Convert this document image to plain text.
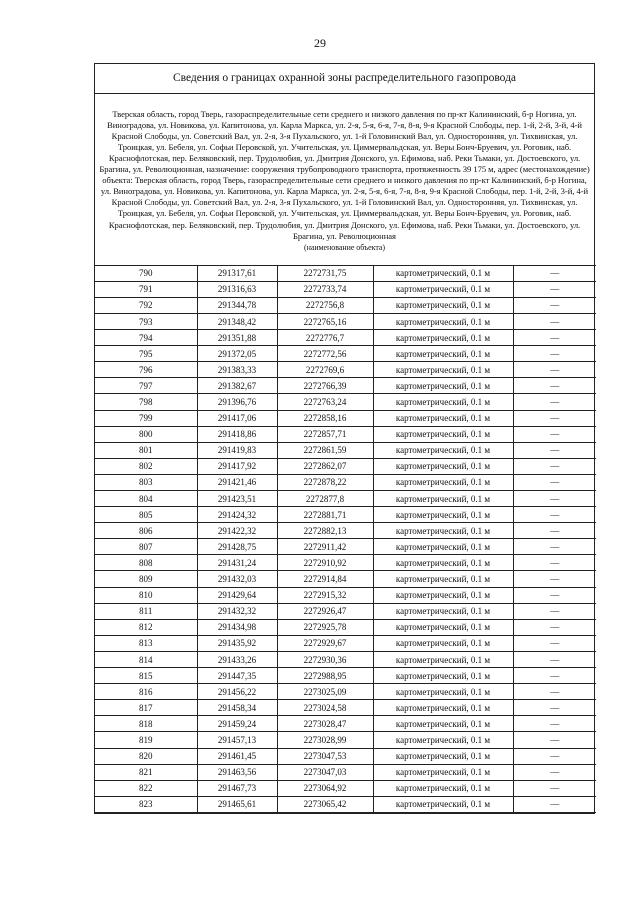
29
Сведения о границах охранной зоны распределительного газопровода

Тверская область, город Тверь, газораспределительные сети среднего и низкого давления по пр-кт Калининский, б-р Ногина, ул. Виноградова, ул. Новикова, ул. Капитонова, ул. Карла Маркса, ул. 2-я, 5-я, 6-я, 7-я, 8-я, 9-я Красной Слободы, пер. 1-й, 2-й, 3-й, 4-й Красной Слободы, ул. Советский Вал, ул. 2-я, 3-я Пухальского, ул. 1-й Головинский Вал, ул. Односторонняя, ул. Тихвинская, ул. Троицкая, ул. Бебеля, ул. Софьи Перовской, ул. Учительская, ул. Циммервальдская, ул. Веры Бонч-Бруевич, ул. Роговик, наб. Краснофлотская, пер. Беляковский, пер. Трудолюбия, ул. Дмитрия Донского, ул. Ефимова, наб. Реки Тьмаки, ул. Достоевского, ул. Брагина, ул. Революционная, назначение: сооружения трубопроводного транспорта, протяженность 39 175 м, адрес (местонахождение) объекта: Тверская область, город Тверь, газораспределительные сети среднего и низкого давления по пр-кт Калининский, б-р Ногина, ул. Виноградова, ул. Новикова, ул. Капитонова, ул. Карла Маркса, ул. 2-я, 5-я, 6-я, 7-я, 8-я, 9-я Красной Слободы, пер. 1-й, 2-й, 3-й, 4-й Красной Слободы, ул. Советский Вал, ул. 2-я, 3-я Пухальского, ул. 1-й Головинский Вал, ул. Односторонняя, ул. Тихвинская, ул. Троицкая, ул. Бебеля, ул. Софьи Перовской, ул. Учительская, ул. Циммервальдская, ул. Веры Бонч-Бруевич, ул. Роговик, наб. Краснофлотская, пер. Беляковский, пер. Трудолюбия, ул. Дмитрия Донского, ул. Ефимова, наб. Реки Тьмаки, ул. Достоевского, ул. Брагина, ул. Революционная

(наименование объекта)

790	291317,61	2272731,75	картометрический, 0.1 м	—
791	291316,63	2272733,74	картометрический, 0.1 м	—
792	291344,78	2272756,8	картометрический, 0.1 м	—
793	291348,42	2272765,16	картометрический, 0.1 м	—
794	291351,88	2272776,7	картометрический, 0.1 м	—
795	291372,05	2272772,56	картометрический, 0.1 м	—
796	291383,33	2272769,6	картометрический, 0.1 м	—
797	291382,67	2272766,39	картометрический, 0.1 м	—
798	291396,76	2272763,24	картометрический, 0.1 м	—
799	291417,06	2272858,16	картометрический, 0.1 м	—
800	291418,86	2272857,71	картометрический, 0.1 м	—
801	291419,83	2272861,59	картометрический, 0.1 м	—
802	291417,92	2272862,07	картометрический, 0.1 м	—
803	291421,46	2272878,22	картометрический, 0.1 м	—
804	291423,51	2272877,8	картометрический, 0.1 м	—
805	291424,32	2272881,71	картометрический, 0.1 м	—
806	291422,32	2272882,13	картометрический, 0.1 м	—
807	291428,75	2272911,42	картометрический, 0.1 м	—
808	291431,24	2272910,92	картометрический, 0.1 м	—
809	291432,03	2272914,84	картометрический, 0.1 м	—
810	291429,64	2272915,32	картометрический, 0.1 м	—
811	291432,32	2272926,47	картометрический, 0.1 м	—
812	291434,98	2272925,78	картометрический, 0.1 м	—
813	291435,92	2272929,67	картометрический, 0.1 м	—
814	291433,26	2272930,36	картометрический, 0.1 м	—
815	291447,35	2272988,95	картометрический, 0.1 м	—
816	291456,22	2273025,09	картометрический, 0.1 м	—
817	291458,34	2273024,58	картометрический, 0.1 м	—
818	291459,24	2273028,47	картометрический, 0.1 м	—
819	291457,13	2273028,99	картометрический, 0.1 м	—
820	291461,45	2273047,53	картометрический, 0.1 м	—
821	291463,56	2273047,03	картометрический, 0.1 м	—
822	291467,73	2273064,92	картометрический, 0.1 м	—
823	291465,61	2273065,42	картометрический, 0.1 м	—
